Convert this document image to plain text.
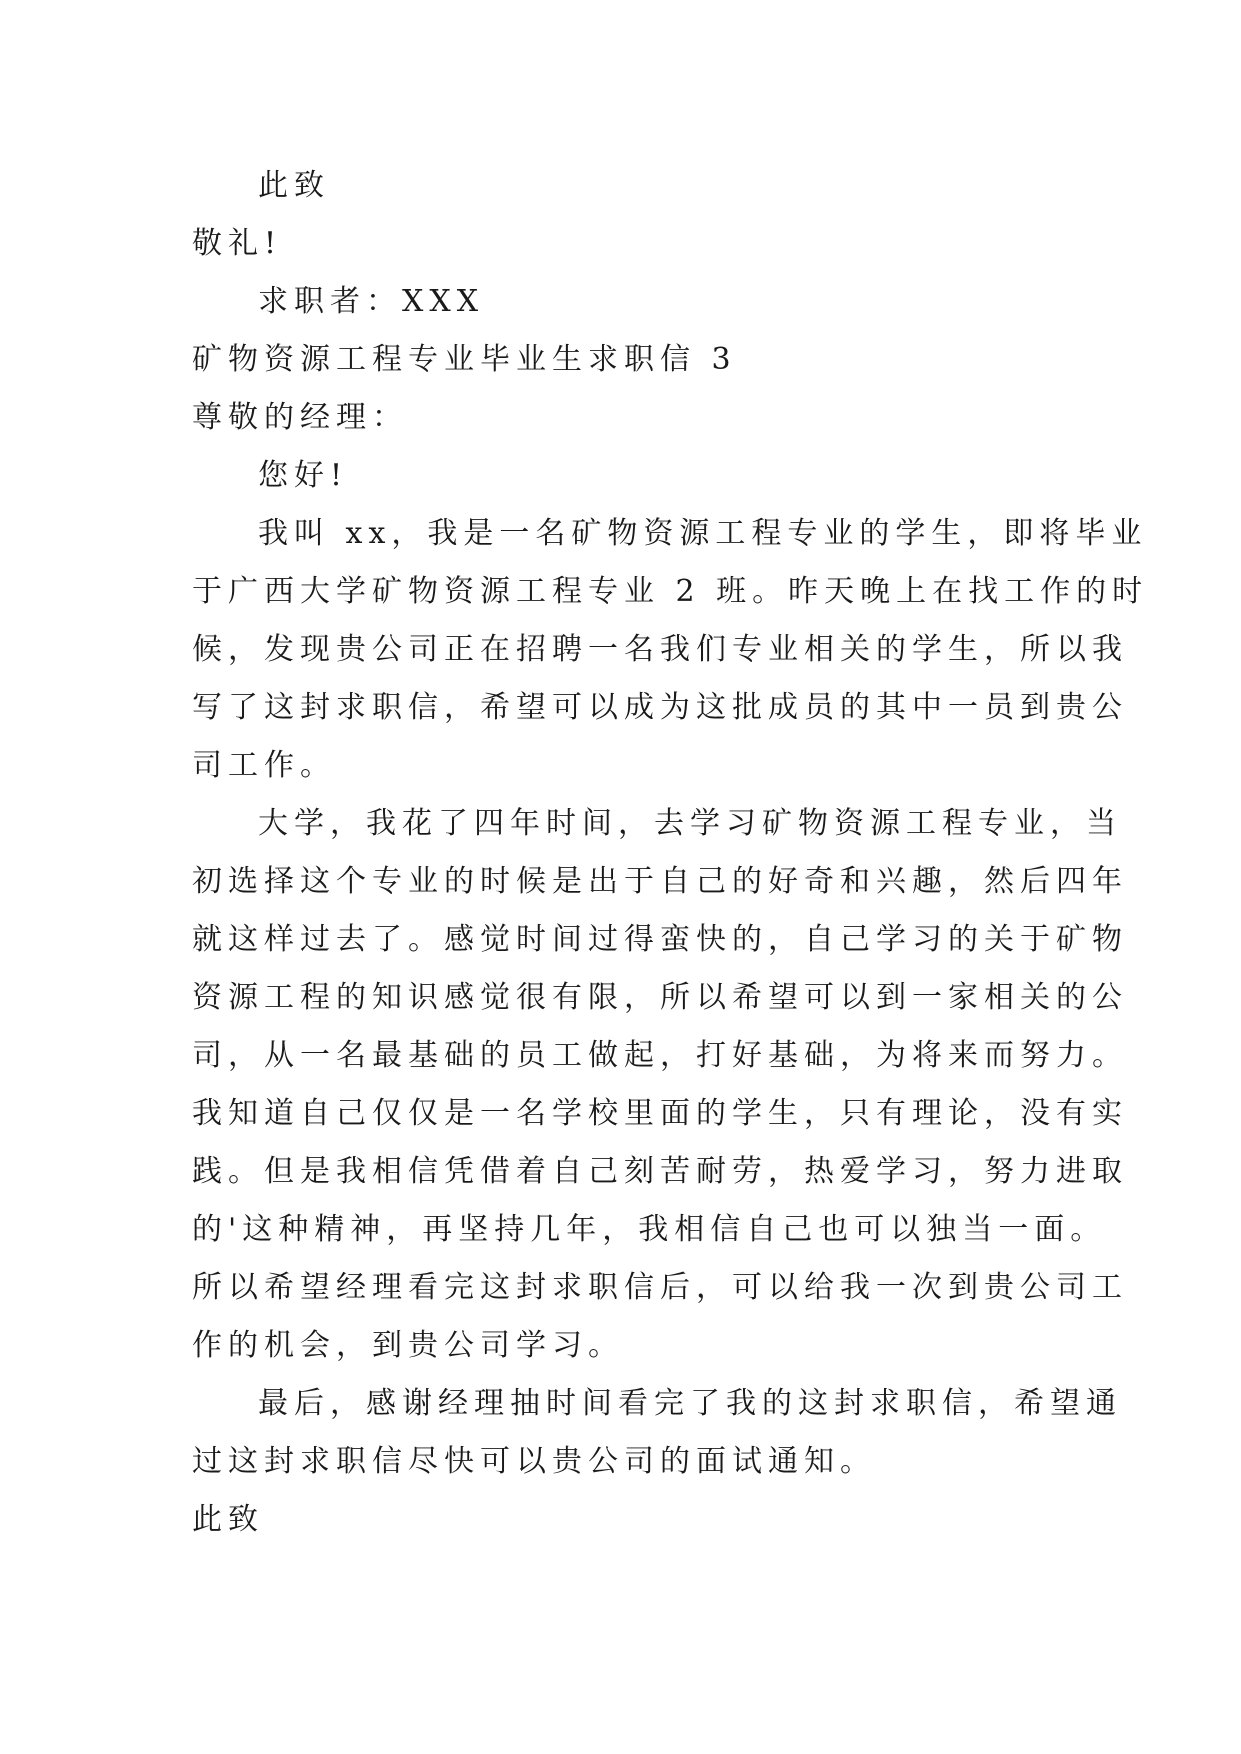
此致
敬礼!
求职者：XXX
矿物资源工程专业毕业生求职信 3
尊敬的经理：
您好!
我叫 xx，我是一名矿物资源工程专业的学生，即将毕业
于广西大学矿物资源工程专业 2 班。昨天晚上在找工作的时
候，发现贵公司正在招聘一名我们专业相关的学生，所以我
写了这封求职信，希望可以成为这批成员的其中一员到贵公
司工作。
大学，我花了四年时间，去学习矿物资源工程专业，当
初选择这个专业的时候是出于自己的好奇和兴趣，然后四年
就这样过去了。感觉时间过得蛮快的，自己学习的关于矿物
资源工程的知识感觉很有限，所以希望可以到一家相关的公
司，从一名最基础的员工做起，打好基础，为将来而努力。
我知道自己仅仅是一名学校里面的学生，只有理论，没有实
践。但是我相信凭借着自己刻苦耐劳，热爱学习，努力进取
的'这种精神，再坚持几年，我相信自己也可以独当一面。
所以希望经理看完这封求职信后，可以给我一次到贵公司工
作的机会，到贵公司学习。
最后，感谢经理抽时间看完了我的这封求职信，希望通
过这封求职信尽快可以贵公司的面试通知。
此致
